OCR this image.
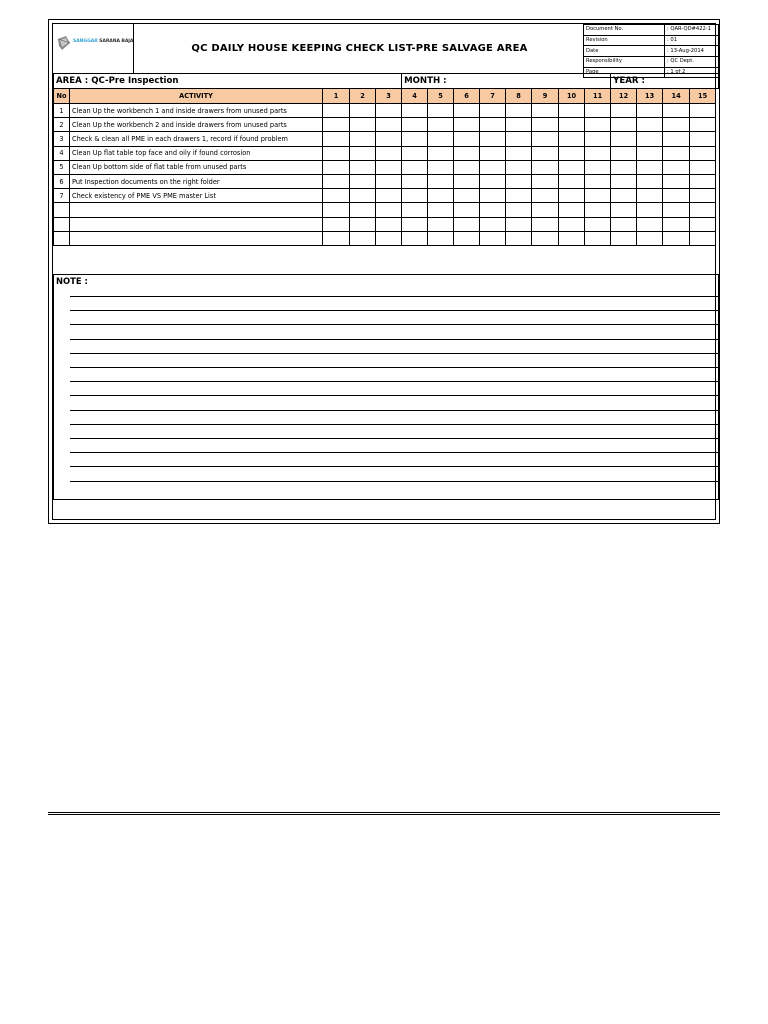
SANGGAR SARANA BAJA
QC DAILY HOUSE KEEPING CHECK LIST-PRE SALVAGE AREA
Document No.	: QAR-QD#422-1
Revision	: 01
Date	: 13-Aug-2014
Responsibility	: QC Dept.
Page	: 1 of 2
AREA : QC-Pre Inspection					MONTH :								YEAR :			
No	ACTIVITY	1	2	3	4	5	6	7	8	9	10	11	12	13	14	15
1	Clean Up the workbench 1 and inside drawers from unused parts															
2	Clean Up the workbench 2 and inside drawers from unused parts															
3	Check & clean all PME in each drawers 1, record if found problem															
4	Clean Up flat table top face and oily if found corrosion															
5	Clean Up bottom side of flat table from unused parts															
6	Put Inspection documents on the right folder															
7	Check existency of PME VS PME master List															

NOTE :
